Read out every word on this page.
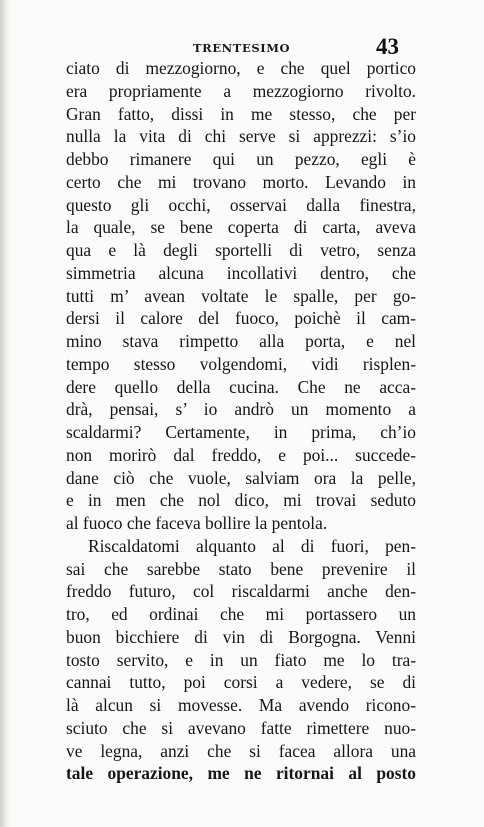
TRENTESIMO	43
ciato di mezzogiorno, e che quel portico
era propriamente a mezzogiorno rivolto.
Gran fatto, dissi in me stesso, che per
nulla la vita di chi serve si apprezzi: s’io
debbo rimanere qui un pezzo, egli è
certo che mi trovano morto. Levando in
questo gli occhi, osservai dalla finestra,
la quale, se bene coperta di carta, aveva
qua e là degli sportelli di vetro, senza
simmetria alcuna incollativi dentro, che
tutti m’ avean voltate le spalle, per go-
dersi il calore del fuoco, poichè il cam-
mino stava rimpetto alla porta, e nel
tempo stesso volgendomi, vidi risplen-
dere quello della cucina. Che ne acca-
drà, pensai, s’ io andrò un momento a
scaldarmi? Certamente, in prima, ch’io
non morirò dal freddo, e poi... succede-
dane ciò che vuole, salviam ora la pelle,
e in men che nol dico, mi trovai seduto
al fuoco che faceva bollire la pentola.
Riscaldatomi alquanto al di fuori, pen-
sai che sarebbe stato bene prevenire il
freddo futuro, col riscaldarmi anche den-
tro, ed ordinai che mi portassero un
buon bicchiere di vin di Borgogna. Venni
tosto servito, e in un fiato me lo tra-
cannai tutto, poi corsi a vedere, se di
là alcun si movesse. Ma avendo ricono-
sciuto che si avevano fatte rimettere nuo-
ve legna, anzi che si facea allora una
tale operazione, me ne ritornai al posto
